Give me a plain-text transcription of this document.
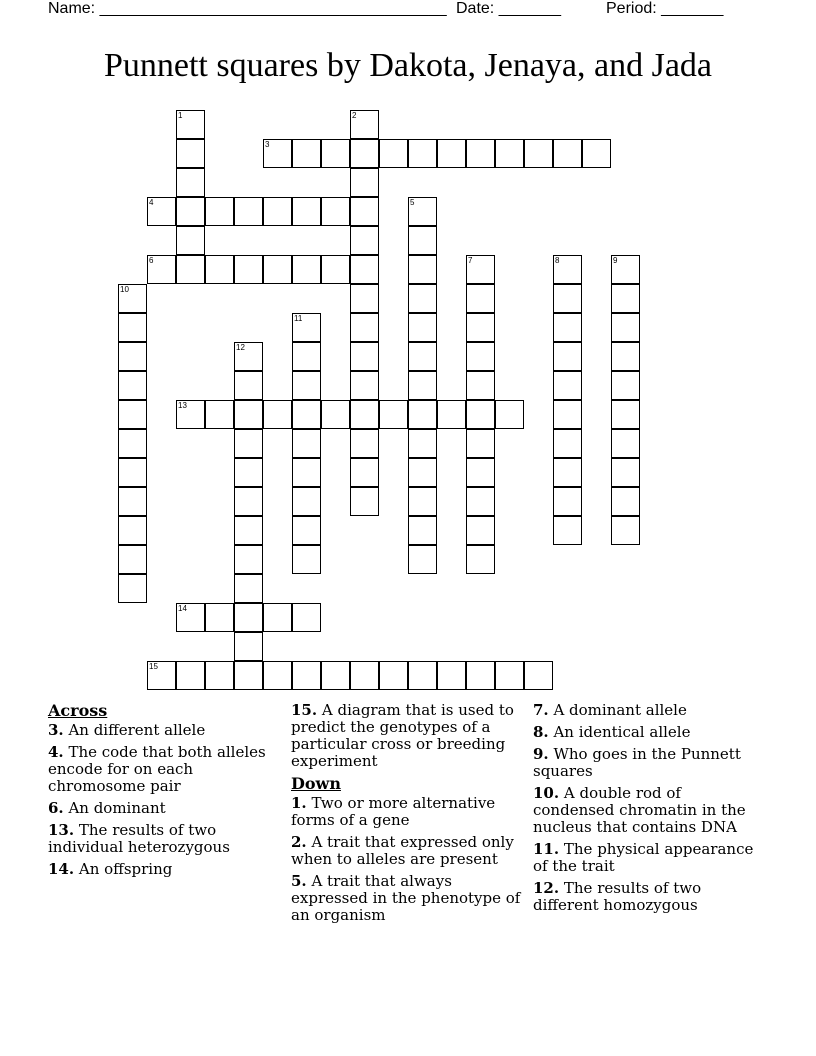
Name: _______________________________________

Date: _______

	Period: _______

Punnett squares by Dakota, Jenaya, and Jada
1	2
3
4	5
6	7	8	9
10
11
12
13
14
15
Across
3. An different allele
4. The code that both alleles encode for on each chromosome pair
6. An dominant
13. The results of two individual heterozygous
14. An offspring
15. A diagram that is used to predict the genotypes of a particular cross or breeding experiment
Down
1. Two or more alternative forms of a gene
2. A trait that expressed only when to alleles are present
5. A trait that always expressed in the phenotype of an organism
7. A dominant allele
8. An identical allele
9. Who goes in the Punnett squares
10. A double rod of condensed chromatin in the nucleus that contains DNA
11. The physical appearance of the trait
12. The results of two different homozygous
